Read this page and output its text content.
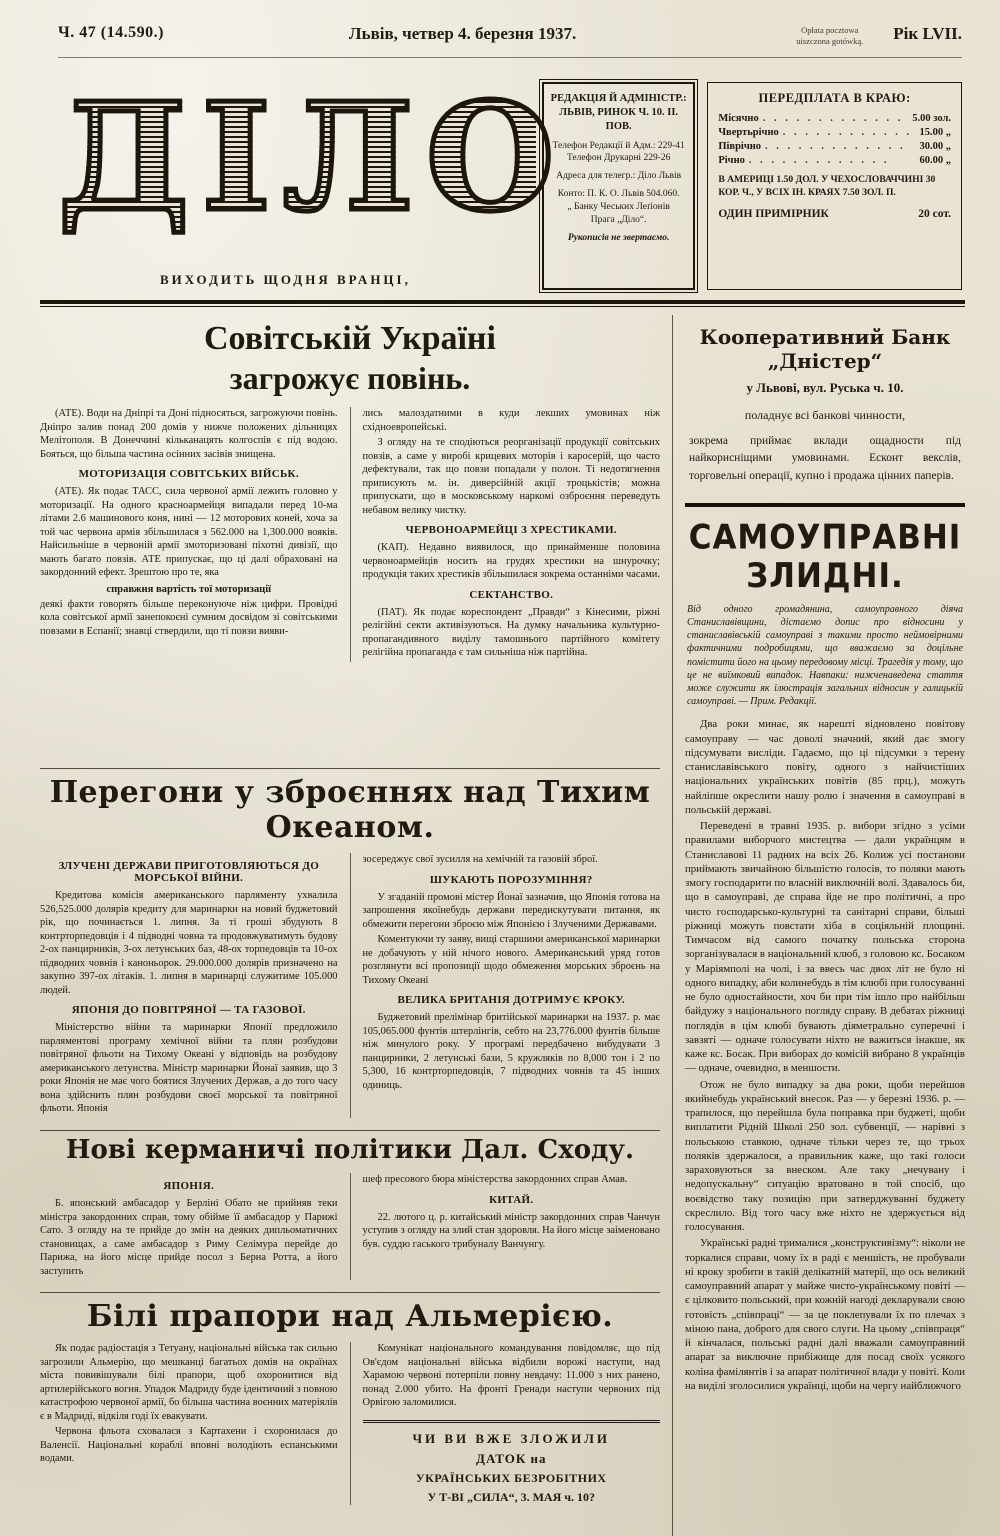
Ч. 47 (14.590.)	Львів, четвер 4. березня 1937.	Opłata pocztowa
uiszczona gotówką. Рік LVII.
ДІЛО
ВИХОДИТЬ ЩОДНЯ ВРАНЦІ,
РЕДАКЦІЯ Й АДМІНІСТР.:
ЛЬВІВ, РИНОК Ч. 10. II. ПОВ.
Телефон Редакції й Адм.: 229-41
Телефон Друкарні 229-26
Адреса для телегр.: Діло Львів
Конто: П. К. О. Львів 504.060.
„ Банку Чеських Леґіонів
Прага „Діло“.
Рукописів не звертаємо.
ПЕРЕДПЛАТА В КРАЮ:
Місячно . . .	5.00 зол.
Чвертьрічно . . .	15.00 „
Піврічно . . .	30.00 „
Річно . . .	60.00 „
В АМЕРИЦІ 1.50 ДОЛ. У ЧЕХОСЛОВАЧЧИНІ 30 КОР. Ч., У ВСІХ ІН. КРАЯХ 7.50 ЗОЛ. П.
ОДИН ПРИМІРНИК	20 сот.
Совітській Україні
загрожує повінь.

(АТЕ). Води на Дніпрі та Доні підносяться, загрожуючи повінь. Дніпро залив понад 200 домів у нижче положених дільницях Мелітополя. В Донеччині кільканацять колгоспів є під водою. Бояться, що більша частина осінних засівів знищена.

МОТОРИЗАЦІЯ СОВІТСЬКИХ ВІЙСЬК.

(АТЕ). Як подає ТАСС, сила червоної армії лежить головно у моторизації. На одного красноармейця випадали перед 10-ма літами 2.6 машинового коня, нині — 12 моторових коней, хоча за той час червона армія збільшилася з 562.000 на 1,300.000 вояків. Найсильніше в червоній армії змоторизовані піхотні дивізії, що мають багато повзів. АТЕ припускає, що ці далі обраховані на закордонний ефект. Зрештою про те, яка

справжня вартість тої моторизації

деякі факти говорять більше переконуюче ніж цифри. Провідні кола совітської армії занепокоєні сумним досвідом зі совітськими повзами в Еспанії; знавці ствердили, що ті повзи вияви-

лись малоздатними в куди лекших умовинах ніж східноевропейські.

З огляду на те сподіються реорганізації продукції совітських повзів, а саме у виробі крицевих моторів і каросерій, що часто дефектували, так що повзи попадали у полон. Ті недотягнення приписують м. ін. диверсійній акції троцькістів; можна припускати, що в московському наркомі озброєння переведуть небавом велику чистку.

ЧЕРВОНОАРМЕЙЦІ З ХРЕСТИКАМИ.

(КАП). Недавно виявилося, що принайменше половина червоноармейців носить на грудях хрестики на шнурочку; продукція таких хрестиків збільшилася зокрема останніми часами.

СЕКТАНСТВО.

(ПАТ). Як подає кореспондент „Правди“ з Кінесими, ріжні релігійні секти активізуються. На думку начальника культурно-пропагандивного виділу тамошнього партійного комітету релігійна пропаганда є там сильніша ніж партійна.

Перегони у зброєннях над Тихим Океаном.
ЗЛУЧЕНІ ДЕРЖАВИ ПРИГОТОВЛЯЮТЬСЯ ДО МОРСЬКОЇ ВІЙНИ.

Кредитова комісія американського парляменту ухвалила 526,525.000 долярів кредиту для маринарки на новий буджетовий рік, що починається 1. липня. За ті гроші збудують 8 контрторпедовців і 4 підводні човна та продовжуватимуть будову 2-ох панцирників, 3-ох летунських баз, 48-ох торпедовців та 10-ох підводних човнів і каноньорок. 29.000.000 долярів призначено на закупно 397-ох літаків. 1. липня в маринарці служитиме 105.000 людей.

ЯПОНІЯ ДО ПОВІТРЯНОЇ — ТА ГАЗОВОЇ.

Міністерство війни та маринарки Японії предложило парляментові програму хемічної війни та плян розбудови повітряної фльоти на Тихому Океані у відповідь на розбудову американського летунства. Міністр маринарки Йонаї заявив, що 3 роки Японія не має чого боятися Злучених Держав, а до того часу вона здійснить плян розбудови своєї морської та повітряної фльоти. Японія

зосереджує свої зусилля на хемічній та газовій зброї.

ШУКАЮТЬ ПОРОЗУМІННЯ?

У згаданій промові містер Йонаї зазначив, що Японія готова на запрошення якоїнебудь держави передискутувати питання, як обмежити перегони зброєю між Японією і Злученими Державами.

Коментуючи ту заяву, вищі старшини американської маринарки не добачують у ній нічого нового. Американський уряд готов розглянути всі пропозиції щодо обмеження морських зброєнь на Тихому Океані

ВЕЛИКА БРИТАНІЯ ДОТРИМУЄ КРОКУ.

Буджетовий прелімінар бритійської маринарки на 1937. р. має 105,065.000 фунтів штерлінгів, себто на 23,776.000 фунтів більше ніж минулого року. У програмі передбачено вибудувати 3 панцирники, 2 летунські бази, 5 кружляків по 8,000 тон і 2 по 5,300, 16 контрторпедовців, 7 підводних човнів та 45 інших одиниць.

Нові керманичі політики Дал. Сходу.
ЯПОНІЯ.

Б. японський амбасадор у Берліні Обато не прийняв теки міністра закордонних справ, тому обійме її амбасадор у Парижі Сато. З огляду на те прийде до змін на деяких дипльоматичних становищах, а саме амбасадор з Риму Селімура перейде до Парижа, на його місце прийде посол з Берна Ротта, а його заступить

шеф пресового бюра міністерства закордонних справ Амав.

КИТАЙ.

22. лютого ц. р. китайський міністр закордонних справ Чанчун уступив з огляду на злий стан здоровля. На його місце заіменовано був. суддю гаського трибуналу Ванчунгу.

Білі прапори над Альмерією.

Як подає радіостація з Тетуану, національні війська так сильно загрозили Альмерію, що мешканці багатьох домів на окраїнах міста повивішували білі прапори, щоб охоронитися від артилерійського вогня. Упадок Мадриду буде ідентичний з повною катастрофою червоної армії, бо більша частина воєнних матеріялів є в Мадриді, відкіля годі їх евакувати.

Червона фльота сховалася з Картахени і схоронилася до Валенсії. Національні кораблі вповні володіють еспанськими водами.

Комунікат національного командування повідомляє, що під Ов'єдом національні війська відбили ворожі наступи, над Харамою червоні потерпіли повну невдачу: 11.000 з них ранено, понад 2.000 убито. На фронті Гренади наступи червоних під Орвігою заломилися.

ЧИ ВИ ВЖЕ ЗЛОЖИЛИ
ДАТОК на
УКРАЇНСЬКИХ БЕЗРОБІТНИХ
У Т-ВІ „СИЛА“, 3. МАЯ ч. 10?
Кооперативний Банк „Дністер“
у Львові, вул. Руська ч. 10.
поладнує всі банкові чинности,
зокрема приймає вклади ощадности під найкорисніщими умовинами. Есконт векслів, торговельні операції, купно і продажа цінних паперів.
САМОУПРАВНІ ЗЛИДНІ.
Від одного громадянина, самоуправного діяча Станиславівщини, дістаємо допис про відносини у станиславівській самоуправі з такими просто неймовірними фактичними подробицями, що вважаємо за доцільне помістити його на цьому передовому місці. Трагедія у тому, що це не виїмковий випадок. Навпаки: нижченаведена стаття може служити як ілюстрація загальних відносин у галицькій самоуправі. — Прим. Редакції.

Два роки минає, як нарешті відновлено повітову самоуправу — час доволі значний, який дає змогу підсумувати висліди. Гадаємо, що ці підсумки з терену станиславівського повіту, одного з найчистіших національних українських повітів (85 прц.), можуть найліпше окреслити нашу ролю і значення в самоуправі в польській державі.

Переведені в травні 1935. р. вибори згідно з усіми правилами виборчого мистецтва — дали українцям в Станиславові 11 радних на всіх 26. Колиж усі постанови приймають звичайною більшістю голосів, то поляки мають змогу господарити по власній виключній волі. Здавалось би, що в самоуправі, де справа йде не про політичні, а про чисто господарсько-культурні та санітарні справи, більші ріжниці можуть повстати хіба в соціяльній площині. Тимчасом від самого початку польська сторона зорганізувалася в національний клюб, з головою кс. Босаком у Маріямполі на чолі, і за ввесь час двох літ не було ні одного випадку, аби колинебудь в тім клюбі при голосуванні не було одностайности, хоч би при тім ішло про найбільш байдужу з національного погляду справу. В дебатах ріжниці поглядів в цім клюбі бувають діяметрально суперечні і завзяті — одначе голосувати ніхто не важиться інакше, як каже кс. Босак. При виборах до комісій вибрано 8 українців — одначе, очевидно, в меншости.

Отож не було випадку за два роки, щоби перейшов якийнебудь український внесок. Раз — у березні 1936. р. — трапилося, що перейшла була поправка при буджеті, щоби виплатити Рідній Школі 250 зол. субвенції, — нарівні з польською ставкою, одначе тільки через те, що трьох поляків здержалося, а правильник каже, що такі голоси зараховуються за внеском. Але таку „нечувану і недопускальну“ ситуацію вратовано в той спосіб, що воєвідство таку позицію при затверджуванні буджету скреслило. Від того часу вже ніхто не здержується від голосування.

Українські радні трималися „конструктивізму“: ніколи не торкалися справи, чому їх в раді є меншість, не пробували ні кроку зробити в такій делікатній матерії, що ось великий самоуправний апарат у майже чисто-українському повіті — є цілковито польський, при кожній нагоді декларували свою готовість „співпраці“ — за це поклепували їх по плечах з міною пана, доброго для свого слуги. На цьому „співпраця“ й кінчалася, польські радні далі вважали самоуправний апарат за виключне прибіжище для посад своїх усякого коліна фамілянтів і за апарат політичної влади у повіті. Коли на виділі зголосилися українці, щоби на чергу найближчого
